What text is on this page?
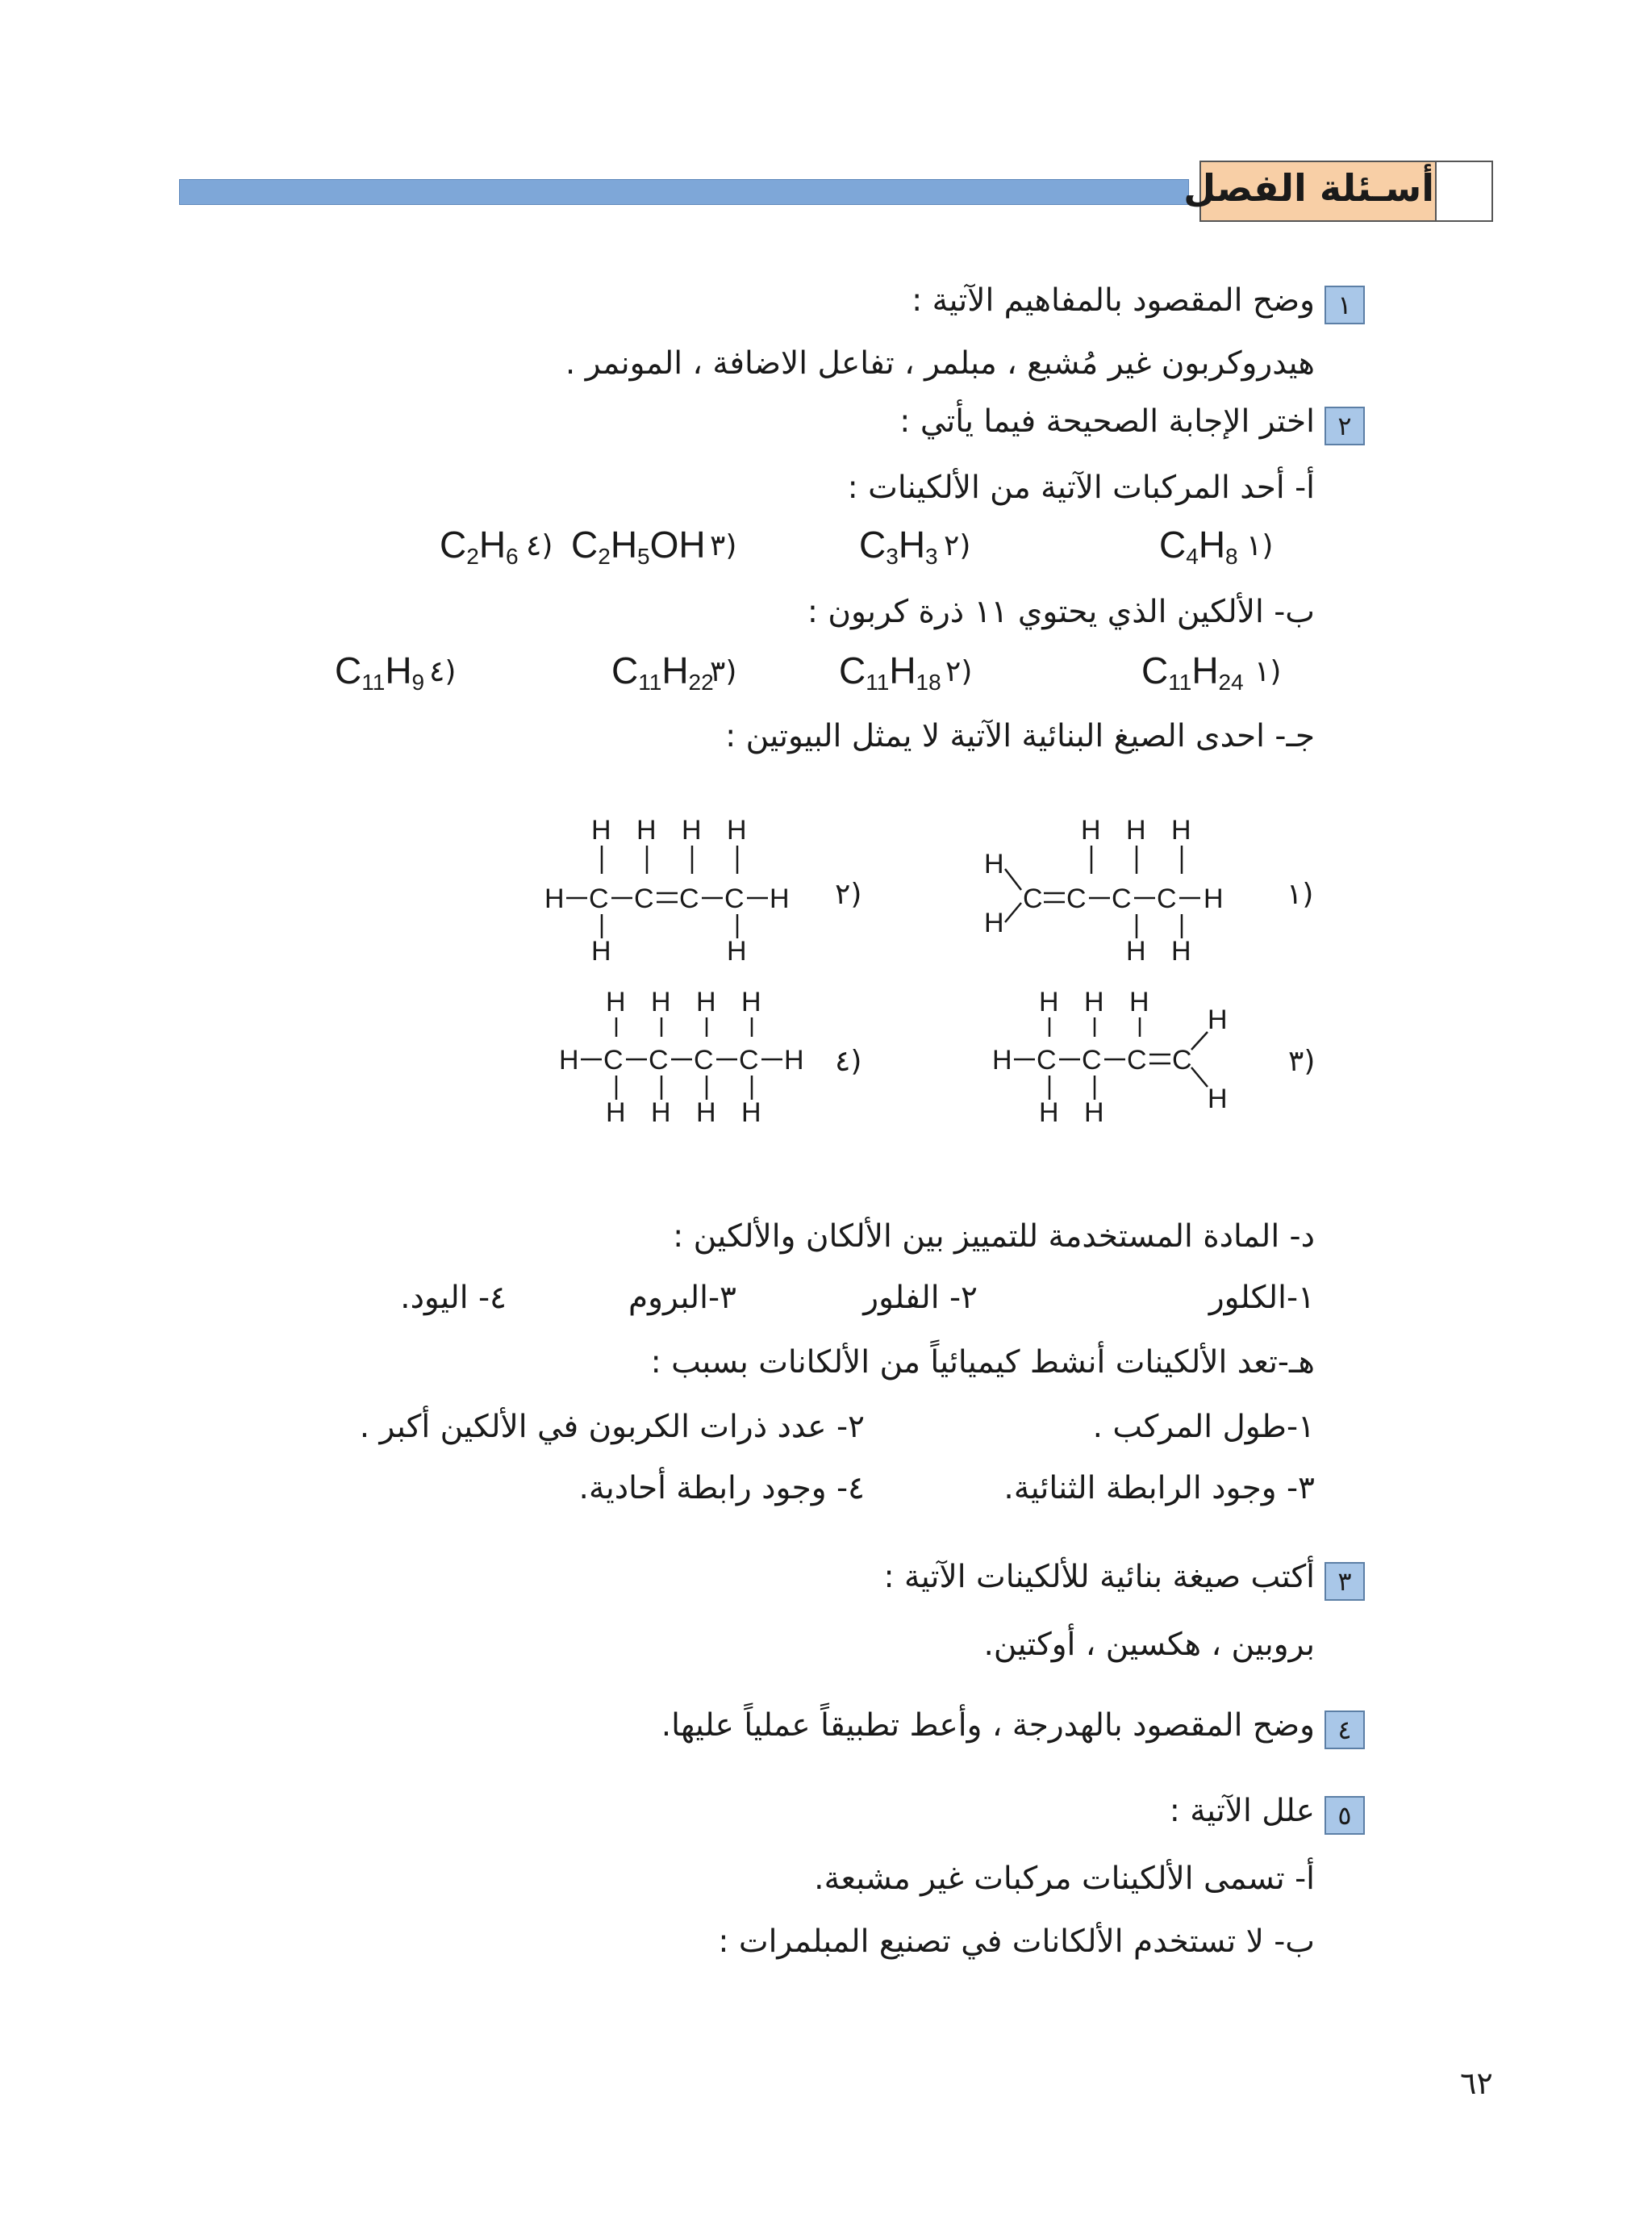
أسـئلة الفصل
١
وضح المقصود بالمفاهيم الآتية :
هيدروكربون غير مُشبع ، مبلمر ، تفاعل الاضافة ، المونمر .
٢
اختر الإجابة الصحيحة فيما يأتي :
أ- أحد المركبات الآتية من الألكينات :
١)
$C_4H_8$
٢)
$C_3H_3$
٣)
$C_2H_5OH$
٤)
$C_2H_6$
ب- الألكين الذي يحتوي ١١ ذرة كربون :
١)
$C_{11}H_{24}$
٢)
$C_{11}H_{18}$
٣)
$C_{11}H_{22}$
٤)
$C_{11}H_9$
جـ- احدى الصيغ البنائية الآتية لا يمثل البيوتين :
١)
H
H
C C
H
C
H
H
C
H
H
H
٢)
H C
H
H
C
H
C
H
C
H
H
H
٣)
H C
H
H
C
H
H
C
H
C
H
H
٤)
H C
H
H
C
H
H
C
H
H
C
H
H
H
د- المادة المستخدمة للتمييز بين الألكان والألكين :
١-الكلور
٢- الفلور
٣-البروم
٤- اليود.
هـ-تعد الألكينات أنشط كيميائياً من الألكانات بسبب :
١-طول المركب .
٢- عدد ذرات الكربون في الألكين أكبر .
٣- وجود الرابطة الثنائية.
٤- وجود رابطة أحادية.
٣
أكتب صيغة بنائية للألكينات الآتية :
بروبين ، هكسين ، أوكتين.
٤
وضح المقصود بالهدرجة ، وأعط تطبيقاً عملياً عليها.
٥
علل الآتية :
أ- تسمى الألكينات مركبات غير مشبعة.
ب- لا تستخدم الألكانات في تصنيع المبلمرات :
٦٢
